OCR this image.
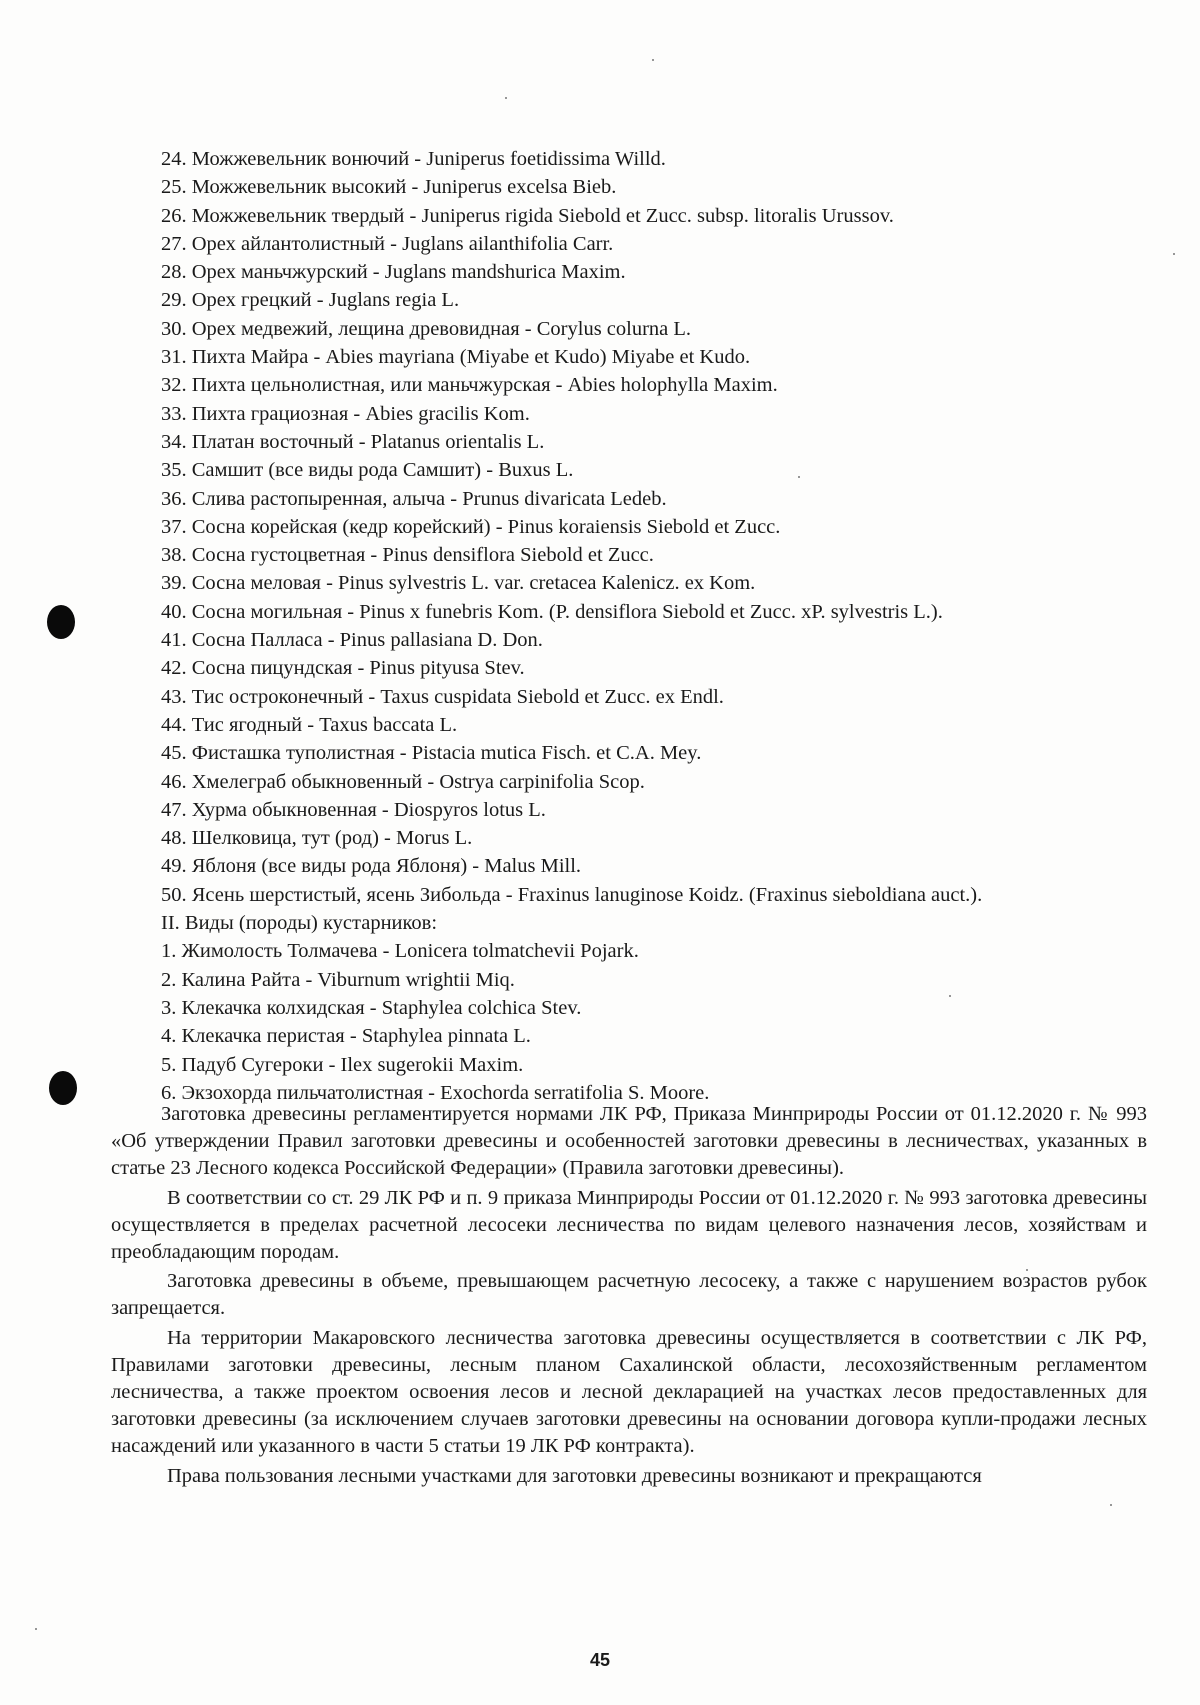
24. Можжевельник вонючий - Juniperus foetidissima Willd.
25. Можжевельник высокий - Juniperus excelsa Bieb.
26. Можжевельник твердый - Juniperus rigida Siebold et Zucc. subsp. litoralis Urussov.
27. Орех айлантолистный - Juglans ailanthifolia Carr.
28. Орех маньчжурский - Juglans mandshurica Maxim.
29. Орех грецкий - Juglans regia L.
30. Орех медвежий, лещина древовидная - Corylus colurna L.
31. Пихта Майра - Abies mayriana (Miyabe et Kudo) Miyabe et Kudo.
32. Пихта цельнолистная, или маньчжурская - Abies holophylla Maxim.
33. Пихта грациозная - Abies gracilis Kom.
34. Платан восточный - Platanus orientalis L.
35. Самшит (все виды рода Самшит) - Buxus L.
36. Слива растопыренная, алыча - Prunus divaricata Ledeb.
37. Сосна корейская (кедр корейский) - Pinus koraiensis Siebold et Zucc.
38. Сосна густоцветная - Pinus densiflora Siebold et Zucc.
39. Сосна меловая - Pinus sylvestris L. var. cretacea Kalenicz. ex Kom.
40. Сосна могильная - Pinus x funebris Kom. (P. densiflora Siebold et Zucc. xP. sylvestris L.).
41. Сосна Палласа - Pinus pallasiana D. Don.
42. Сосна пицундская - Pinus pityusa Stev.
43. Тис остроконечный - Taxus cuspidata Siebold et Zucc. ex Endl.
44. Тис ягодный - Taxus baccata L.
45. Фисташка туполистная - Pistacia mutica Fisch. et C.A. Mey.
46. Хмелеграб обыкновенный - Ostrya carpinifolia Scop.
47. Хурма обыкновенная - Diospyros lotus L.
48. Шелковица, тут (род) - Morus L.
49. Яблоня (все виды рода Яблоня) - Malus Mill.
50. Ясень шерстистый, ясень Зибольда - Fraxinus lanuginose Koidz. (Fraxinus sieboldiana auct.).
II. Виды (породы) кустарников:
1. Жимолость Толмачева - Lonicera tolmatchevii Pojark.
2. Калина Райта - Viburnum wrightii Miq.
3. Клекачка колхидская - Staphylea colchica Stev.
4. Клекачка перистая - Staphylea pinnata L.
5. Падуб Сугероки - Ilex sugerokii Maxim.
6. Экзохорда пильчатолистная - Exochorda serratifolia S. Moore.

Заготовка древесины регламентируется нормами ЛК РФ, Приказа Минприроды России от 01.12.2020 г. № 993 «Об утверждении Правил заготовки древесины и особенностей заготовки древесины в лесничествах, указанных в статье 23 Лесного кодекса Российской Федерации» (Правила заготовки древесины).

В соответствии со ст. 29 ЛК РФ и п. 9 приказа Минприроды России от 01.12.2020 г. № 993 заготовка древесины осуществляется в пределах расчетной лесосеки лесничества по видам целевого назначения лесов, хозяйствам и преобладающим породам.

Заготовка древесины в объеме, превышающем расчетную лесосеку, а также с нарушением возрастов рубок запрещается.

На территории Макаровского лесничества заготовка древесины осуществляется в соответствии с ЛК РФ, Правилами заготовки древесины, лесным планом Сахалинской области, лесохозяйственным регламентом лесничества, а также проектом освоения лесов и лесной декларацией на участках лесов предоставленных для заготовки древесины (за исключением случаев заготовки древесины на основании договора купли-продажи лесных насаждений или указанного в части 5 статьи 19 ЛК РФ контракта).

Права пользования лесными участками для заготовки древесины возникают и прекращаются

45
